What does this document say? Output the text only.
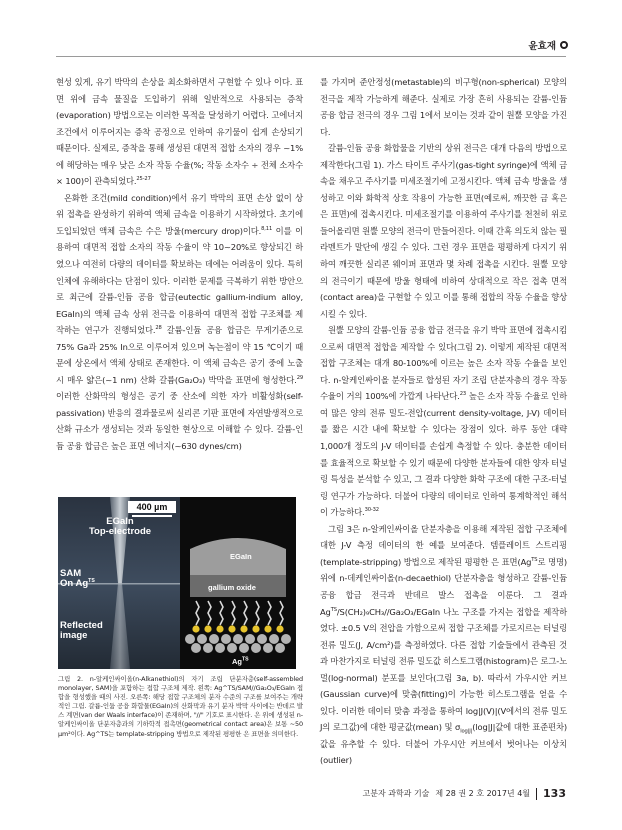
윤효재

현성 있게, 유기 박막의 손상을 최소화하면서 구현할 수 있나 이다. 표면 위에 금속 물질을 도입하기 위해 일반적으로 사용되는 증착(evaporation) 방법으로는 이러한 목적을 달성하기 어렵다. 고에너지 조건에서 이루어지는 증착 공정으로 인하여 유기물이 쉽게 손상되기 때문이다. 실제로, 증착을 통해 생성된 대면적 접합 소자의 경우 ~1%에 해당하는 매우 낮은 소자 작동 수율(%; 작동 소자수 ÷ 전체 소자수 × 100)이 관측되었다.$^{25-27}$

온화한 조건(mild condition)에서 유기 박막의 표면 손상 없이 상위 접촉을 완성하기 위하여 액체 금속을 이용하기 시작하였다. 초기에 도입되었던 액체 금속은 수은 방울(mercury drop)이다.$^{8,11}$ 이를 이용하여 대면적 접합 소자의 작동 수율이 약 10~20%로 향상되긴 하였으나 여전히 다량의 데이터를 확보하는 데에는 어려움이 있다. 특히 인체에 유해하다는 단점이 있다. 이러한 문제를 극복하기 위한 방안으로 최근에 갈륨-인듐 공융 합금(eutectic gallium-indium alloy, EGaIn)의 액체 금속 상위 전극을 이용하여 대면적 접합 구조체를 제작하는 연구가 진행되었다.$^{28}$ 갈륨-인듐 공융 합금은 무게기준으로 75% Ga과 25% In으로 이루어져 있으며 녹는점이 약 15 ℃이기 때문에 상온에서 액체 상태로 존재한다. 이 액체 금속은 공기 중에 노출 시 매우 얇은(~1 nm) 산화 갈륨(Ga₂O₃) 박막을 표면에 형성한다.$^{29}$ 이러한 산화막의 형성은 공기 중 산소에 의한 자가 비활성화(self-passivation) 반응의 결과물로써 실리콘 기판 표면에 자연발생적으로 산화 규소가 생성되는 것과 동일한 현상으로 이해할 수 있다. 갈륨-인듐 공융 합금은 높은 표면 에너지(~630 dynes/cm)

400 µm
EGaIn
Top-electrode
SAM
On $Ag^{TS}$
Reflected
image
EGaIn
gallium oxide
$Ag^{TS}$
그림 2. n-알케인싸이올(n-Alkanethiol)의 자기 조립 단분자층(self-assembled monolayer, SAM)을 포함하는 접합 구조체 제작. 왼쪽: Ag^TS/SAM//Ga₂O₃/EGaIn 접합을 형성했을 때의 사진. 오른쪽: 해당 접합 구조체의 분자 수준의 구조를 보여주는 개략적인 그림. 갈륨-인듐 공융 화합물(EGaIn)의 산화막과 유기 분자 박막 사이에는 반데르 발스 계면(van der Waals interface)이 존재하며, "//" 기호로 표시한다. 은 위에 생성된 n-알케인싸이올 단분자층과의 기하학적 접촉면(geometrical contact area)은 보통 ~50 µm²이다. Ag^TS는 template-stripping 방법으로 제작된 평평한 은 표면을 의미한다.

를 가지며 준안정성(metastable)의 비구형(non-spherical) 모양의 전극을 제작 가능하게 해준다. 실제로 가장 흔히 사용되는 갈륨-인듐 공융 합금 전극의 경우 그림 1에서 보이는 것과 같이 원뿔 모양을 가진다.

갈륨-인듐 공융 화합물을 기반의 상위 전극은 대개 다음의 방법으로 제작한다(그림 1). 가스 타이트 주사기(gas-tight syringe)에 액체 금속을 채우고 주사기를 미세조절기에 고정시킨다. 액체 금속 방울을 생성하고 이와 화학적 상호 작용이 가능한 표면(예로써, 깨끗한 금 혹은 은 표면)에 접촉시킨다. 미세조절기를 이용하여 주사기를 천천히 위로 들어올리면 원뿔 모양의 전극이 만들어진다. 이때 간혹 의도치 않는 필라멘트가 말단에 생길 수 있다. 그런 경우 표면을 평평하게 다지기 위하여 깨끗한 실리콘 웨이퍼 표면과 몇 차례 접촉을 시킨다. 원뿔 모양의 전극이기 때문에 방울 형태에 비하여 상대적으로 작은 접촉 면적(contact area)을 구현할 수 있고 이를 통해 접합의 작동 수율을 향상시킬 수 있다.

원뿔 모양의 갈륨-인듐 공융 합금 전극을 유기 박막 표면에 접촉시킴으로써 대면적 접합을 제작할 수 있다(그림 2). 이렇게 제작된 대면적 접합 구조체는 대개 80-100%에 이르는 높은 소자 작동 수율을 보인다. n-알케인싸이올 분자들로 합성된 자기 조립 단분자층의 경우 작동 수율이 거의 100%에 가깝게 나타난다.$^{23}$ 높은 소자 작동 수율로 인하여 많은 양의 전류 밀도-전압(current density-voltage, J-V) 데이터를 짧은 시간 내에 확보할 수 있다는 장점이 있다. 하루 동안 대략 1,000개 정도의 J-V 데이터를 손쉽게 측정할 수 있다. 충분한 데이터를 효율적으로 확보할 수 있기 때문에 다양한 분자들에 대한 양자 터널링 특성을 분석할 수 있고, 그 결과 다양한 화학 구조에 대한 구조-터널링 연구가 가능하다. 더불어 다량의 데이터로 인하여 통계학적인 해석이 가능하다.$^{30-32}$

그림 3은 n-알케인싸이올 단분자층을 이용해 제작된 접합 구조체에 대한 J-V 측정 데이터의 한 예를 보여준다. 템플레이트 스트리핑(template-stripping) 방법으로 제작된 평평한 은 표면($Ag^{TS}$로 명명) 위에 n-데케인싸이올(n-decaethiol) 단분자층을 형성하고 갈륨-인듐 공융 합금 전극과 반데르 발스 접촉을 이룬다. 그 결과 $Ag^{TS}/S(CH_2)_9CH_3//Ga_2O_3$/EGaIn 나노 구조를 가지는 접합을 제작하였다. ±0.5 V의 전압을 가함으로써 접합 구조체를 가로지르는 터널링 전류 밀도(J, A/cm²)를 측정하였다. 다른 접합 기술들에서 관측된 것과 마찬가지로 터널링 전류 밀도값 히스토그램(histogram)은 로그-노멀(log-normal) 분포를 보인다(그림 3a, b). 따라서 가우시안 커브(Gaussian curve)에 맞춤(fitting)이 가능한 히스토그램을 얻을 수 있다. 이러한 데이터 맞춤 과정을 통하여 log|J(V)|(V에서의 전류 밀도 J의 로그값)에 대한 평균값(mean) 및 $\sigma_{log|J|}(\log|J|$값에 대한 표준편차)값을 유추할 수 있다. 더불어 가우시안 커브에서 벗어나는 이상치(outlier)

고분자 과학과 기술 제 28 권 2 호 2017년 4월 133
